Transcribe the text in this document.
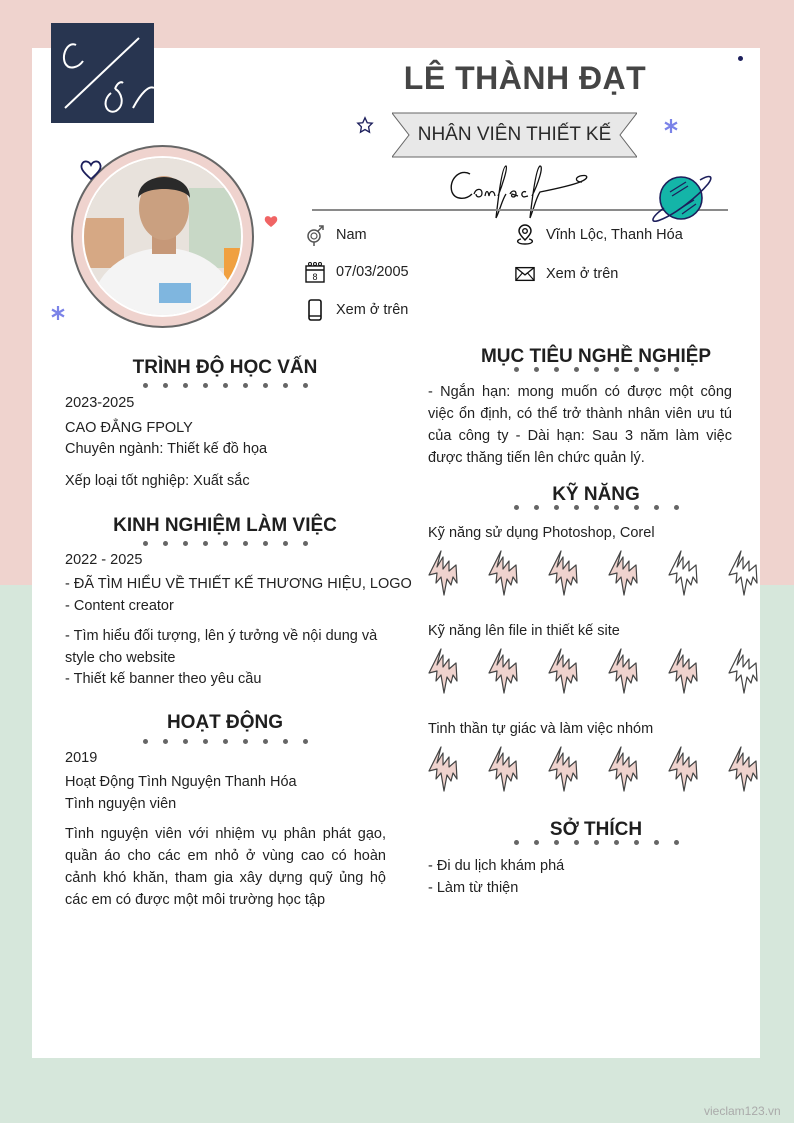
LÊ THÀNH ĐẠT
NHÂN VIÊN THIẾT KẾ
Nam
8 07/03/2005
Xem ở trên
Vĩnh Lộc, Thanh Hóa
Xem ở trên
TRÌNH ĐỘ HỌC VẤN
2023-2025
CAO ĐẲNG FPOLY
Chuyên ngành: Thiết kế đồ họa
Xếp loại tốt nghiệp: Xuất sắc
KINH NGHIỆM LÀM VIỆC
2022 - 2025
- ĐÃ TÌM HIỂU VỀ THIẾT KẾ THƯƠNG HIỆU, LOGO
- Content creator
- Tìm hiểu đối tượng, lên ý tưởng về nội dung và style cho website
- Thiết kế banner theo yêu cầu
HOẠT ĐỘNG
2019
Hoạt Động Tình Nguyện Thanh Hóa
Tình nguyện viên
Tình nguyện viên với nhiệm vụ phân phát gạo, quần áo cho các em nhỏ ở vùng cao có hoàn cảnh khó khăn, tham gia xây dựng quỹ ủng hộ các em có được một môi trường học tập
MỤC TIÊU NGHỀ NGHIỆP
- Ngắn hạn: mong muốn có được một công việc ổn định, có thể trở thành nhân viên ưu tú của công ty - Dài hạn: Sau 3 năm làm việc được thăng tiến lên chức quản lý.
KỸ NĂNG
Kỹ năng sử dụng Photoshop, Corel
Kỹ năng lên file in thiết kế site
Tinh thần tự giác và làm việc nhóm
SỞ THÍCH
- Đi du lịch khám phá
- Làm từ thiện
vieclam123.vn
